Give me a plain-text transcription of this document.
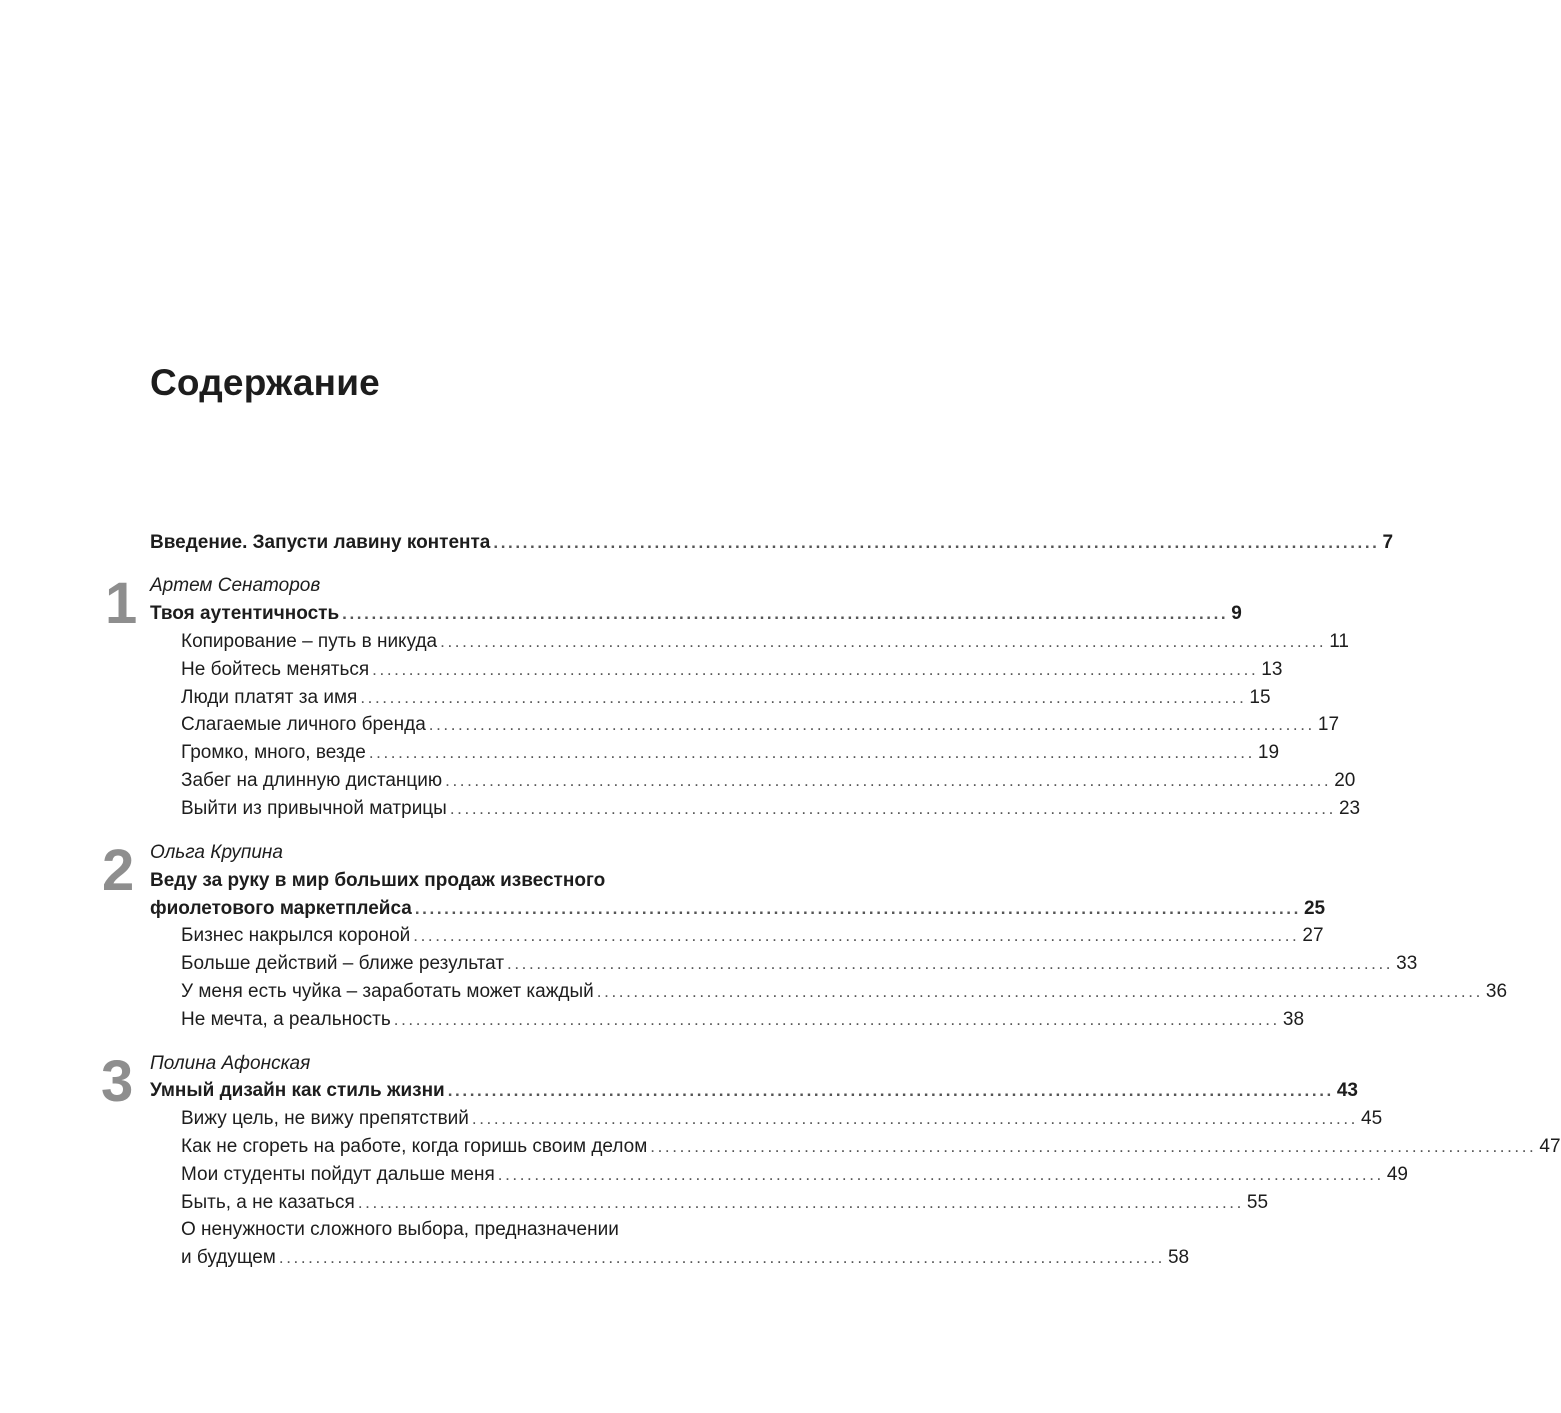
Содержание
Введение. Запусти лавину контента ......................................................................................................................... 7
1 Артем Сенаторов
Твоя аутентичность ......................................................................................................................... 9
Копирование – путь в никуда ......................................................................................................................... 11
Не бойтесь меняться ......................................................................................................................... 13
Люди платят за имя ......................................................................................................................... 15
Слагаемые личного бренда ......................................................................................................................... 17
Громко, много, везде ......................................................................................................................... 19
Забег на длинную дистанцию ......................................................................................................................... 20
Выйти из привычной матрицы ......................................................................................................................... 23
2 Ольга Крупина
Веду за руку в мир больших продаж известного
фиолетового маркетплейса ......................................................................................................................... 25
Бизнес накрылся короной ......................................................................................................................... 27
Больше действий – ближе результат ......................................................................................................................... 33
У меня есть чуйка – заработать может каждый ......................................................................................................................... 36
Не мечта, а реальность ......................................................................................................................... 38
3 Полина Афонская
Умный дизайн как стиль жизни ......................................................................................................................... 43
Вижу цель, не вижу препятствий ......................................................................................................................... 45
Как не сгореть на работе, когда горишь своим делом ......................................................................................................................... 47
Мои студенты пойдут дальше меня ......................................................................................................................... 49
Быть, а не казаться ......................................................................................................................... 55
О ненужности сложного выбора, предназначении
и будущем ......................................................................................................................... 58
